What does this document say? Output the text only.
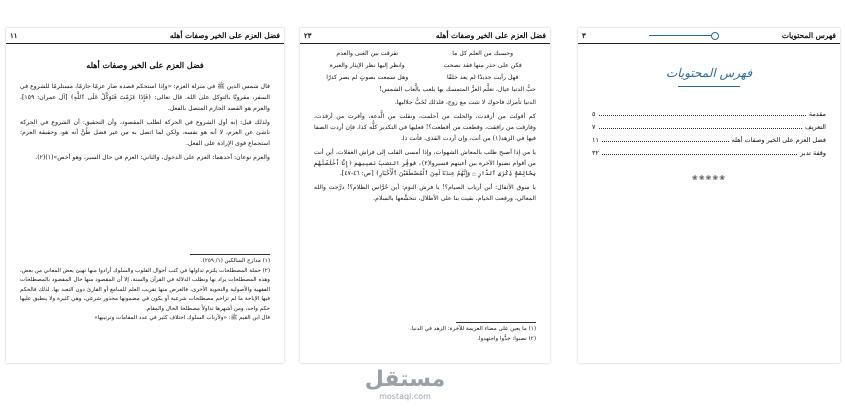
فضل العزم على الخير وصفات أهله
١١
فضل العزم على الخير وصفات أهله

قال شمس الدين ﷺ في منزلة العزم: «وإذا استحكم قصده صار عزمًا جازمًا، مستلزمًا للشروع في السفر، مقرونًا بالتوكل على الله. قال تعالى: ﴿فَإِذَا عَزَمْتَ فَتَوَكَّلْ عَلَى ٱللَّهِ﴾ [آل عمران: ١٥٩]، والعزم هو القصد الجازم المتصل بالفعل.

ولذلك قيل: إنه أول الشروع في الحركة لطلب المقصود، وأن التحقيق: أن الشروع في الحركة ناشئ عن العزم، لا أنه هو نفسه، ولكن لما اتصل به من غير فصل ظُنَّ أنه هو، وحقيقة العزم: استجماع قوى الإرادة على الفعل.

والعزم نوعان: أحدهما: العزم على الدخول، والثاني: العزم في حال السير، وهو أخص»(١)(٢).

(١) مدارج السالكين (١/ ٢٥٩).

(٢) حملة المصطلحات يلتزم تداولها في كتب أحوال القلوب والسلوك أرادوا منها تهيئ بعض المعاني من بعض، وهذه المصطلحات يراد بها وتطلب الدلالة في القرآن والسنة، إلا أن المقصود منها حال المقصود بالمصطلحات الفقهية والأصولية والنحوية الأخرى، فالغرض منها تقريب العلم للسامع أو القارئ دون التعبد بها. لذلك فالحكم فيها الإباحة ما لم تزاحم مصطلحات شرعية أو يكون في مضمونها محذور شرعي، وهي كثيرة ولا ينطبق عليها حكم واحد، ومن أشهرها تداولاً مصطلحا الحال والمقام.

قال ابن القيم ﷺ: «ولأرباب السلوك اختلاف كثير في عدد المقامات وترتيبها»

فضل العزم على الخير وصفات أهله
٢٣
وحسبك من العلم كل ما
تفرقت بين الغنى والعدم
فكن على حذر منها فقد نصحت
وانظر إليها نظر الإيثار والعبرة
فهل رأيت جديدًا لم يعد خلقًا
وهل سمعت بصوتٍ لم يصر كدرًا

حبُّ الدنيا عيال، تعلَّم العزَّ المتمسك بها يلعب بالَّعاب الشمس!

الدنيا تأمرك فاحوك لا تثبت مع زوج، فلذلك تُحَبُّ جلاليها.

كم أقولت من أرقدت، والحلت من أحلمت، ونقلت من الَّدعة، وأقرت من أرقدت، وفارقت من رافقت، وقطعت من أقطعت؟! فعليها في التكدير كلُّه كذا، فإن أردت الصفا فيها في الزهد(١) من أنت، وإن أردت القذى، فأنت ذا.

يا من إذا أصبح طلب بالمعاش الشهوات، وإذا أمسى القلب إلى فراش الغفلات، أين أنت من أقوام نصبوا الآخرة بين أعينهم فسيروا(٢)، فوفِّر النصبَ نصيبهم ﴿إِنَّا أَخْلَصْنَٰهُم بِخَالِصَةٍ ذِكْرَى ٱلدَّارِ ۝ وَإِنَّهُمْ عِندَنَا لَمِنَ ٱلْمُصْطَفَيْنَ ٱلْأَخْيَارِ﴾ [ص: ٤٦-٤٧].

يا سوق الأثقال: أين أرباب الصيام؟! يا فرش النوم: أين حُرَّاس الظلام؟! درَّجت والله المعالي، ورقعت الخيام، بقيت بنا على الأطلال، نتخشَّعها بالسلام.

(١) ما يعين على مضاء العزيمة للآخرة: الزهد في الدنيا.

(٢) نصبوا: جدُّوا واجتهدوا.

فهرس المحتويات
٣
فهرس المحتويات
مقدمة
٥
التعريف
٧
فضل العزم على الخير وصفات أهله
١١
وقفة تدبر
٣٢
❀❀❀❀❀
مستقل
mostaql.com
